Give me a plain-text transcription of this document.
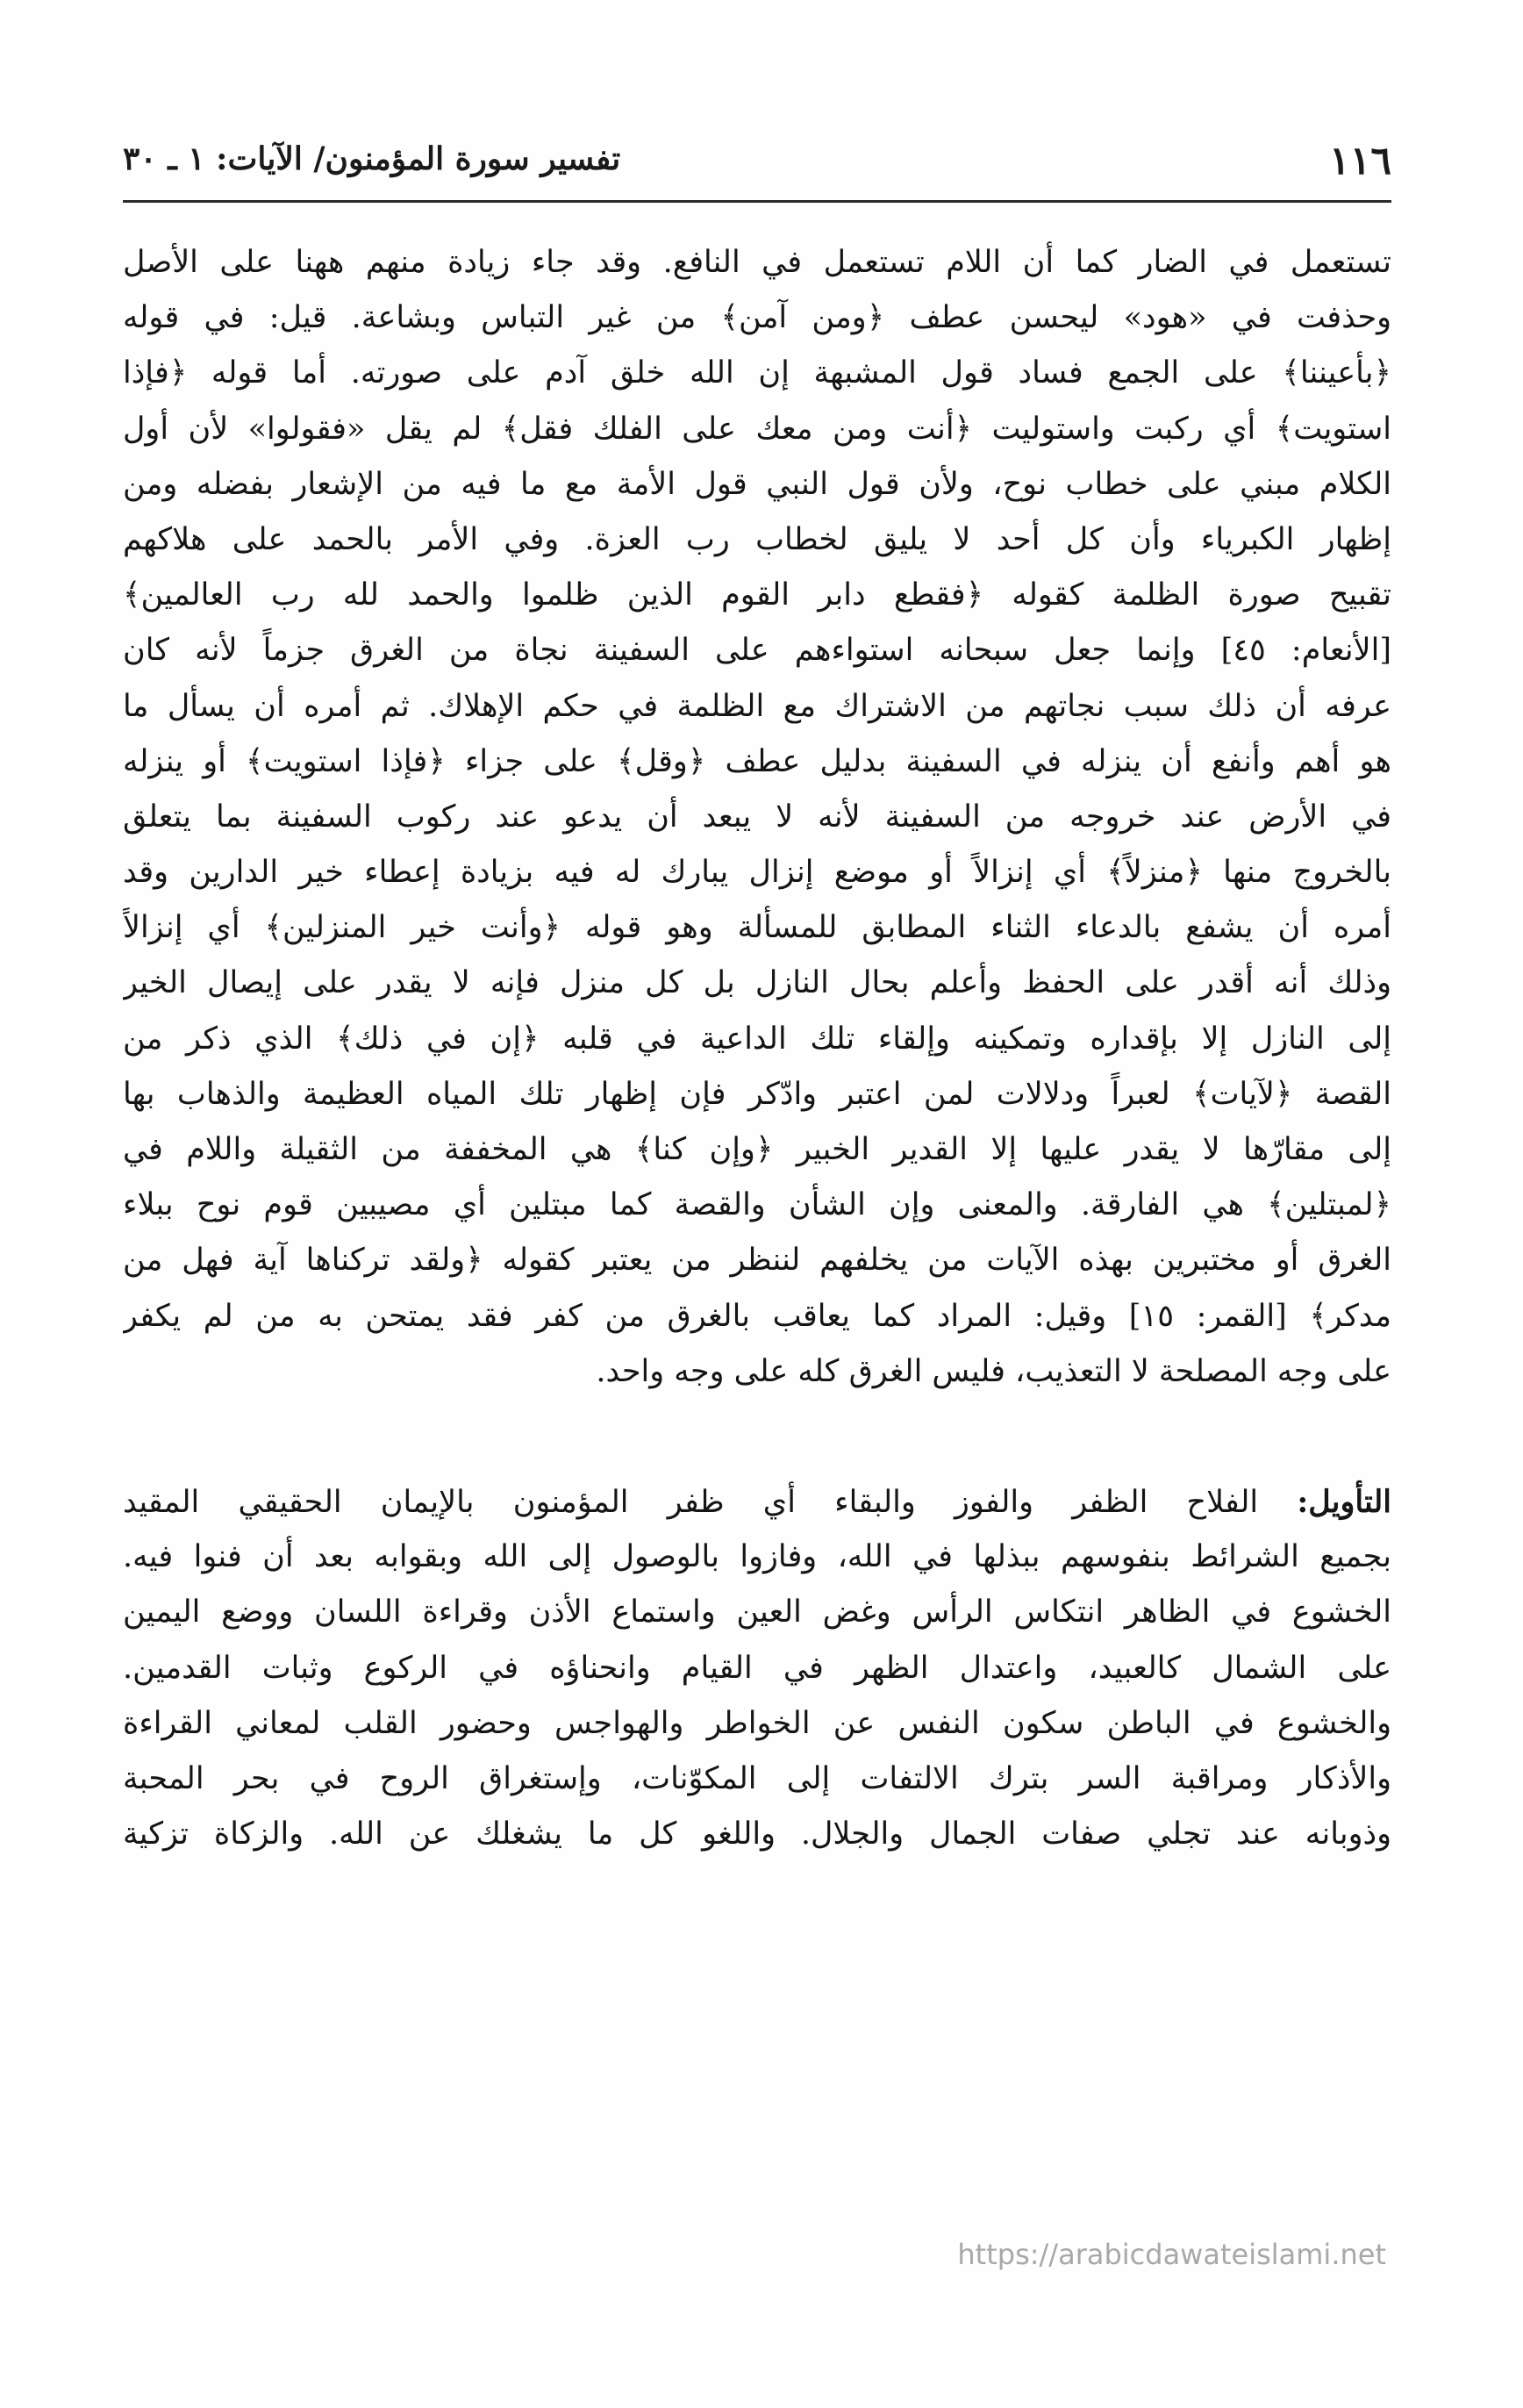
١١٦
تفسير سورة المؤمنون/ الآيات: ١ ـ ٣٠
تستعمل في الضار كما أن اللام تستعمل في النافع. وقد جاء زيادة منهم ههنا على الأصل
وحذفت في «هود» ليحسن عطف ﴿ومن آمن﴾ من غير التباس وبشاعة. قيل: في قوله
﴿بأعيننا﴾ على الجمع فساد قول المشبهة إن الله خلق آدم على صورته. أما قوله ﴿فإذا
استويت﴾ أي ركبت واستوليت ﴿أنت ومن معك على الفلك فقل﴾ لم يقل «فقولوا» لأن أول
الكلام مبني على خطاب نوح، ولأن قول النبي قول الأمة مع ما فيه من الإشعار بفضله ومن
إظهار الكبرياء وأن كل أحد لا يليق لخطاب رب العزة. وفي الأمر بالحمد على هلاكهم
تقبيح صورة الظلمة كقوله ﴿فقطع دابر القوم الذين ظلموا والحمد لله رب العالمين﴾
[الأنعام: ٤٥] وإنما جعل سبحانه استواءهم على السفينة نجاة من الغرق جزماً لأنه كان
عرفه أن ذلك سبب نجاتهم من الاشتراك مع الظلمة في حكم الإهلاك. ثم أمره أن يسأل ما
هو أهم وأنفع أن ينزله في السفينة بدليل عطف ﴿وقل﴾ على جزاء ﴿فإذا استويت﴾ أو ينزله
في الأرض عند خروجه من السفينة لأنه لا يبعد أن يدعو عند ركوب السفينة بما يتعلق
بالخروج منها ﴿منزلاً﴾ أي إنزالاً أو موضع إنزال يبارك له فيه بزيادة إعطاء خير الدارين وقد
أمره أن يشفع بالدعاء الثناء المطابق للمسألة وهو قوله ﴿وأنت خير المنزلين﴾ أي إنزالاً
وذلك أنه أقدر على الحفظ وأعلم بحال النازل بل كل منزل فإنه لا يقدر على إيصال الخير
إلى النازل إلا بإقداره وتمكينه وإلقاء تلك الداعية في قلبه ﴿إن في ذلك﴾ الذي ذكر من
القصة ﴿لآيات﴾ لعبراً ودلالات لمن اعتبر وادّكر فإن إظهار تلك المياه العظيمة والذهاب بها
إلى مقارّها لا يقدر عليها إلا القدير الخبير ﴿وإن كنا﴾ هي المخففة من الثقيلة واللام في
﴿لمبتلين﴾ هي الفارقة. والمعنى وإن الشأن والقصة كما مبتلين أي مصيبين قوم نوح ببلاء
الغرق أو مختبرين بهذه الآيات من يخلفهم لننظر من يعتبر كقوله ﴿ولقد تركناها آية فهل من
مدكر﴾ [القمر: ١٥] وقيل: المراد كما يعاقب بالغرق من كفر فقد يمتحن به من لم يكفر
على وجه المصلحة لا التعذيب، فليس الغرق كله على وجه واحد.
التأويل: الفلاح الظفر والفوز والبقاء أي ظفر المؤمنون بالإيمان الحقيقي المقيد
بجميع الشرائط بنفوسهم ببذلها في الله، وفازوا بالوصول إلى الله وبقوابه بعد أن فنوا فيه.
الخشوع في الظاهر انتكاس الرأس وغض العين واستماع الأذن وقراءة اللسان ووضع اليمين
على الشمال كالعبيد، واعتدال الظهر في القيام وانحناؤه في الركوع وثبات القدمين.
والخشوع في الباطن سكون النفس عن الخواطر والهواجس وحضور القلب لمعاني القراءة
والأذكار ومراقبة السر بترك الالتفات إلى المكوّنات، وإستغراق الروح في بحر المحبة
وذوبانه عند تجلي صفات الجمال والجلال. واللغو كل ما يشغلك عن الله. والزكاة تزكية
https://arabicdawateislami.net
